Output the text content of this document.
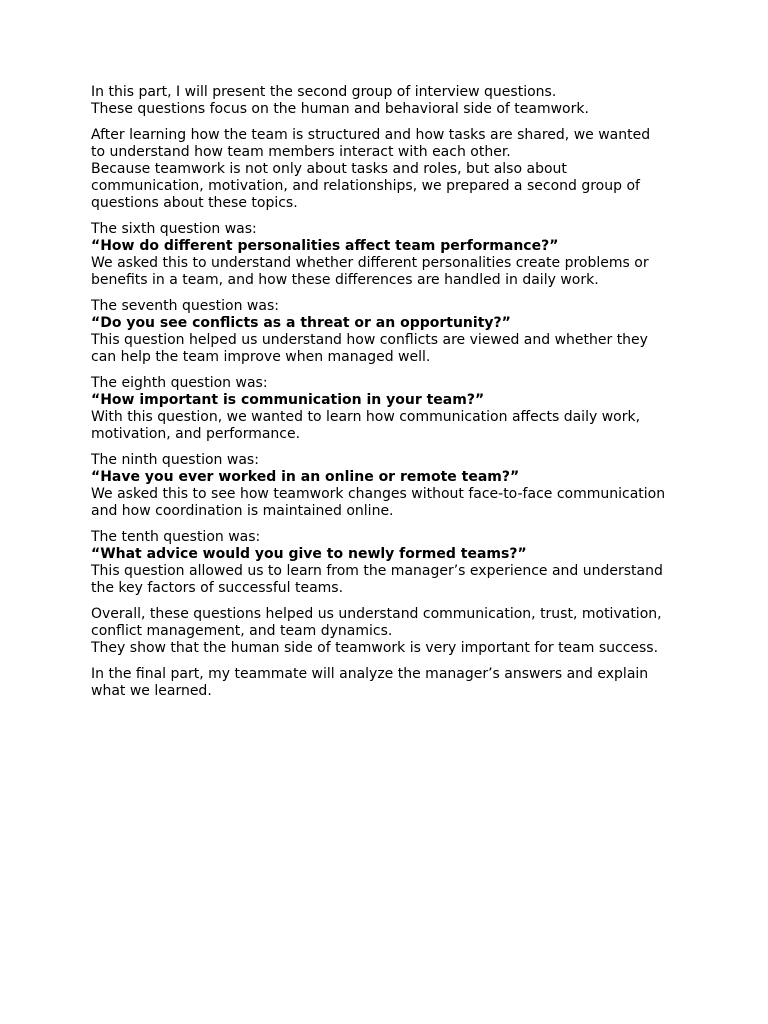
In this part, I will present the second group of interview questions.
These questions focus on the human and behavioral side of teamwork.
After learning how the team is structured and how tasks are shared, we wanted
to understand how team members interact with each other.
Because teamwork is not only about tasks and roles, but also about
communication, motivation, and relationships, we prepared a second group of
questions about these topics.
The sixth question was:
“How do different personalities affect team performance?”
We asked this to understand whether different personalities create problems or
benefits in a team, and how these differences are handled in daily work.
The seventh question was:
“Do you see conflicts as a threat or an opportunity?”
This question helped us understand how conflicts are viewed and whether they
can help the team improve when managed well.
The eighth question was:
“How important is communication in your team?”
With this question, we wanted to learn how communication affects daily work,
motivation, and performance.
The ninth question was:
“Have you ever worked in an online or remote team?”
We asked this to see how teamwork changes without face-to-face communication
and how coordination is maintained online.
The tenth question was:
“What advice would you give to newly formed teams?”
This question allowed us to learn from the manager’s experience and understand
the key factors of successful teams.
Overall, these questions helped us understand communication, trust, motivation,
conflict management, and team dynamics.
They show that the human side of teamwork is very important for team success.
In the final part, my teammate will analyze the manager’s answers and explain
what we learned.
